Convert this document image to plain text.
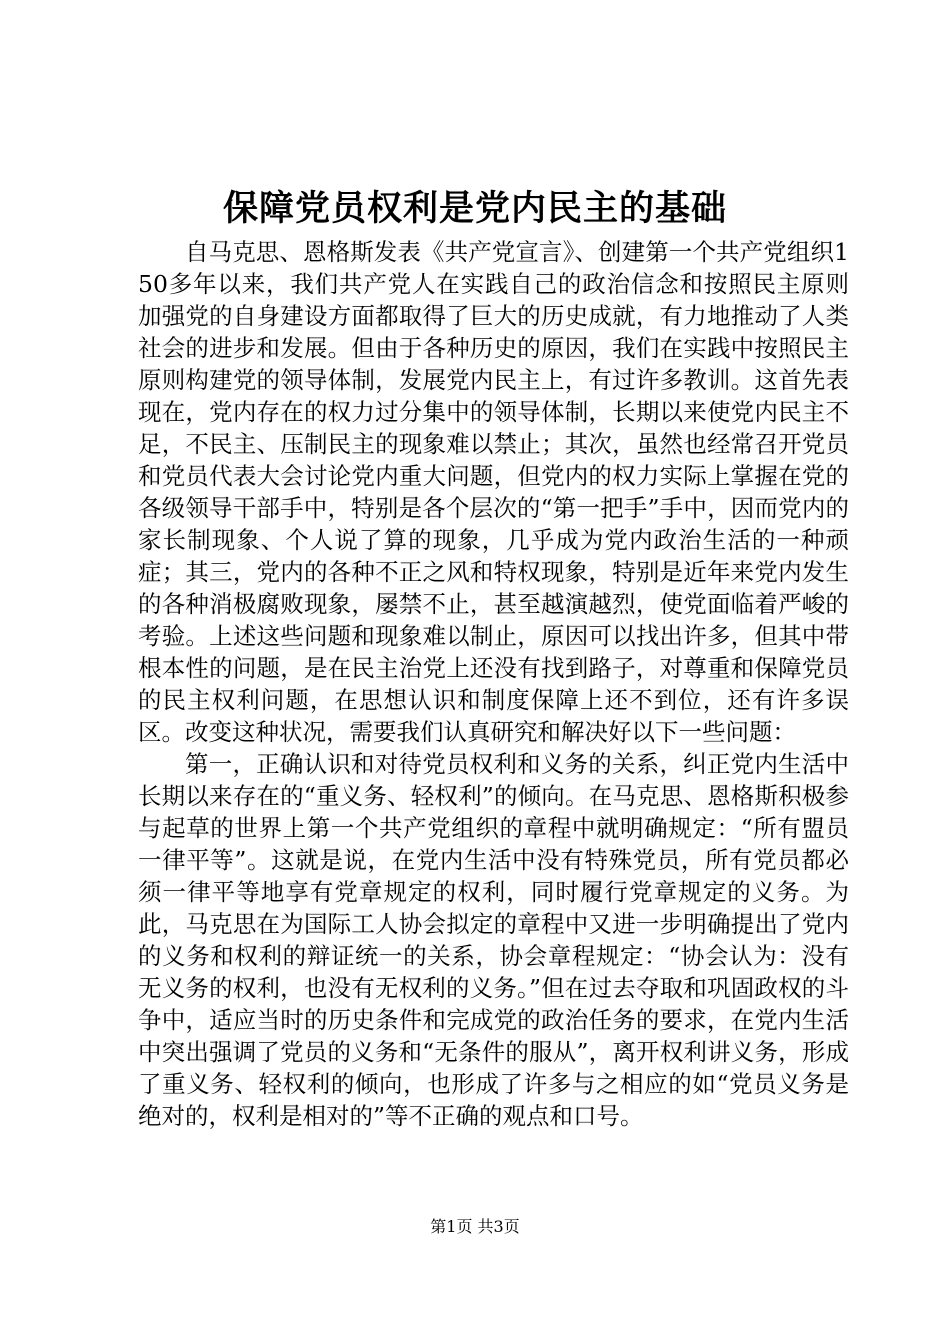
保障党员权利是党内民主的基础

自马克思、恩格斯发表《共产党宣言》、创建第一个共产党组织150多年以来，我们共产党人在实践自己的政治信念和按照民主原则加强党的自身建设方面都取得了巨大的历史成就，有力地推动了人类社会的进步和发展。但由于各种历史的原因，我们在实践中按照民主原则构建党的领导体制，发展党内民主上，有过许多教训。这首先表现在，党内存在的权力过分集中的领导体制，长期以来使党内民主不足，不民主、压制民主的现象难以禁止；其次，虽然也经常召开党员和党员代表大会讨论党内重大问题，但党内的权力实际上掌握在党的各级领导干部手中，特别是各个层次的“第一把手”手中，因而党内的家长制现象、个人说了算的现象，几乎成为党内政治生活的一种顽症；其三，党内的各种不正之风和特权现象，特别是近年来党内发生的各种消极腐败现象，屡禁不止，甚至越演越烈，使党面临着严峻的考验。上述这些问题和现象难以制止，原因可以找出许多，但其中带根本性的问题，是在民主治党上还没有找到路子，对尊重和保障党员的民主权利问题，在思想认识和制度保障上还不到位，还有许多误区。改变这种状况，需要我们认真研究和解决好以下一些问题：

第一，正确认识和对待党员权利和义务的关系，纠正党内生活中长期以来存在的“重义务、轻权利”的倾向。在马克思、恩格斯积极参与起草的世界上第一个共产党组织的章程中就明确规定：“所有盟员一律平等”。这就是说，在党内生活中没有特殊党员，所有党员都必须一律平等地享有党章规定的权利，同时履行党章规定的义务。为此，马克思在为国际工人协会拟定的章程中又进一步明确提出了党内的义务和权利的辩证统一的关系，协会章程规定：“协会认为：没有无义务的权利，也没有无权利的义务。”但在过去夺取和巩固政权的斗争中，适应当时的历史条件和完成党的政治任务的要求，在党内生活中突出强调了党员的义务和“无条件的服从”，离开权利讲义务，形成了重义务、轻权利的倾向，也形成了许多与之相应的如“党员义务是绝对的，权利是相对的”等不正确的观点和口号。

第1页 共3页
